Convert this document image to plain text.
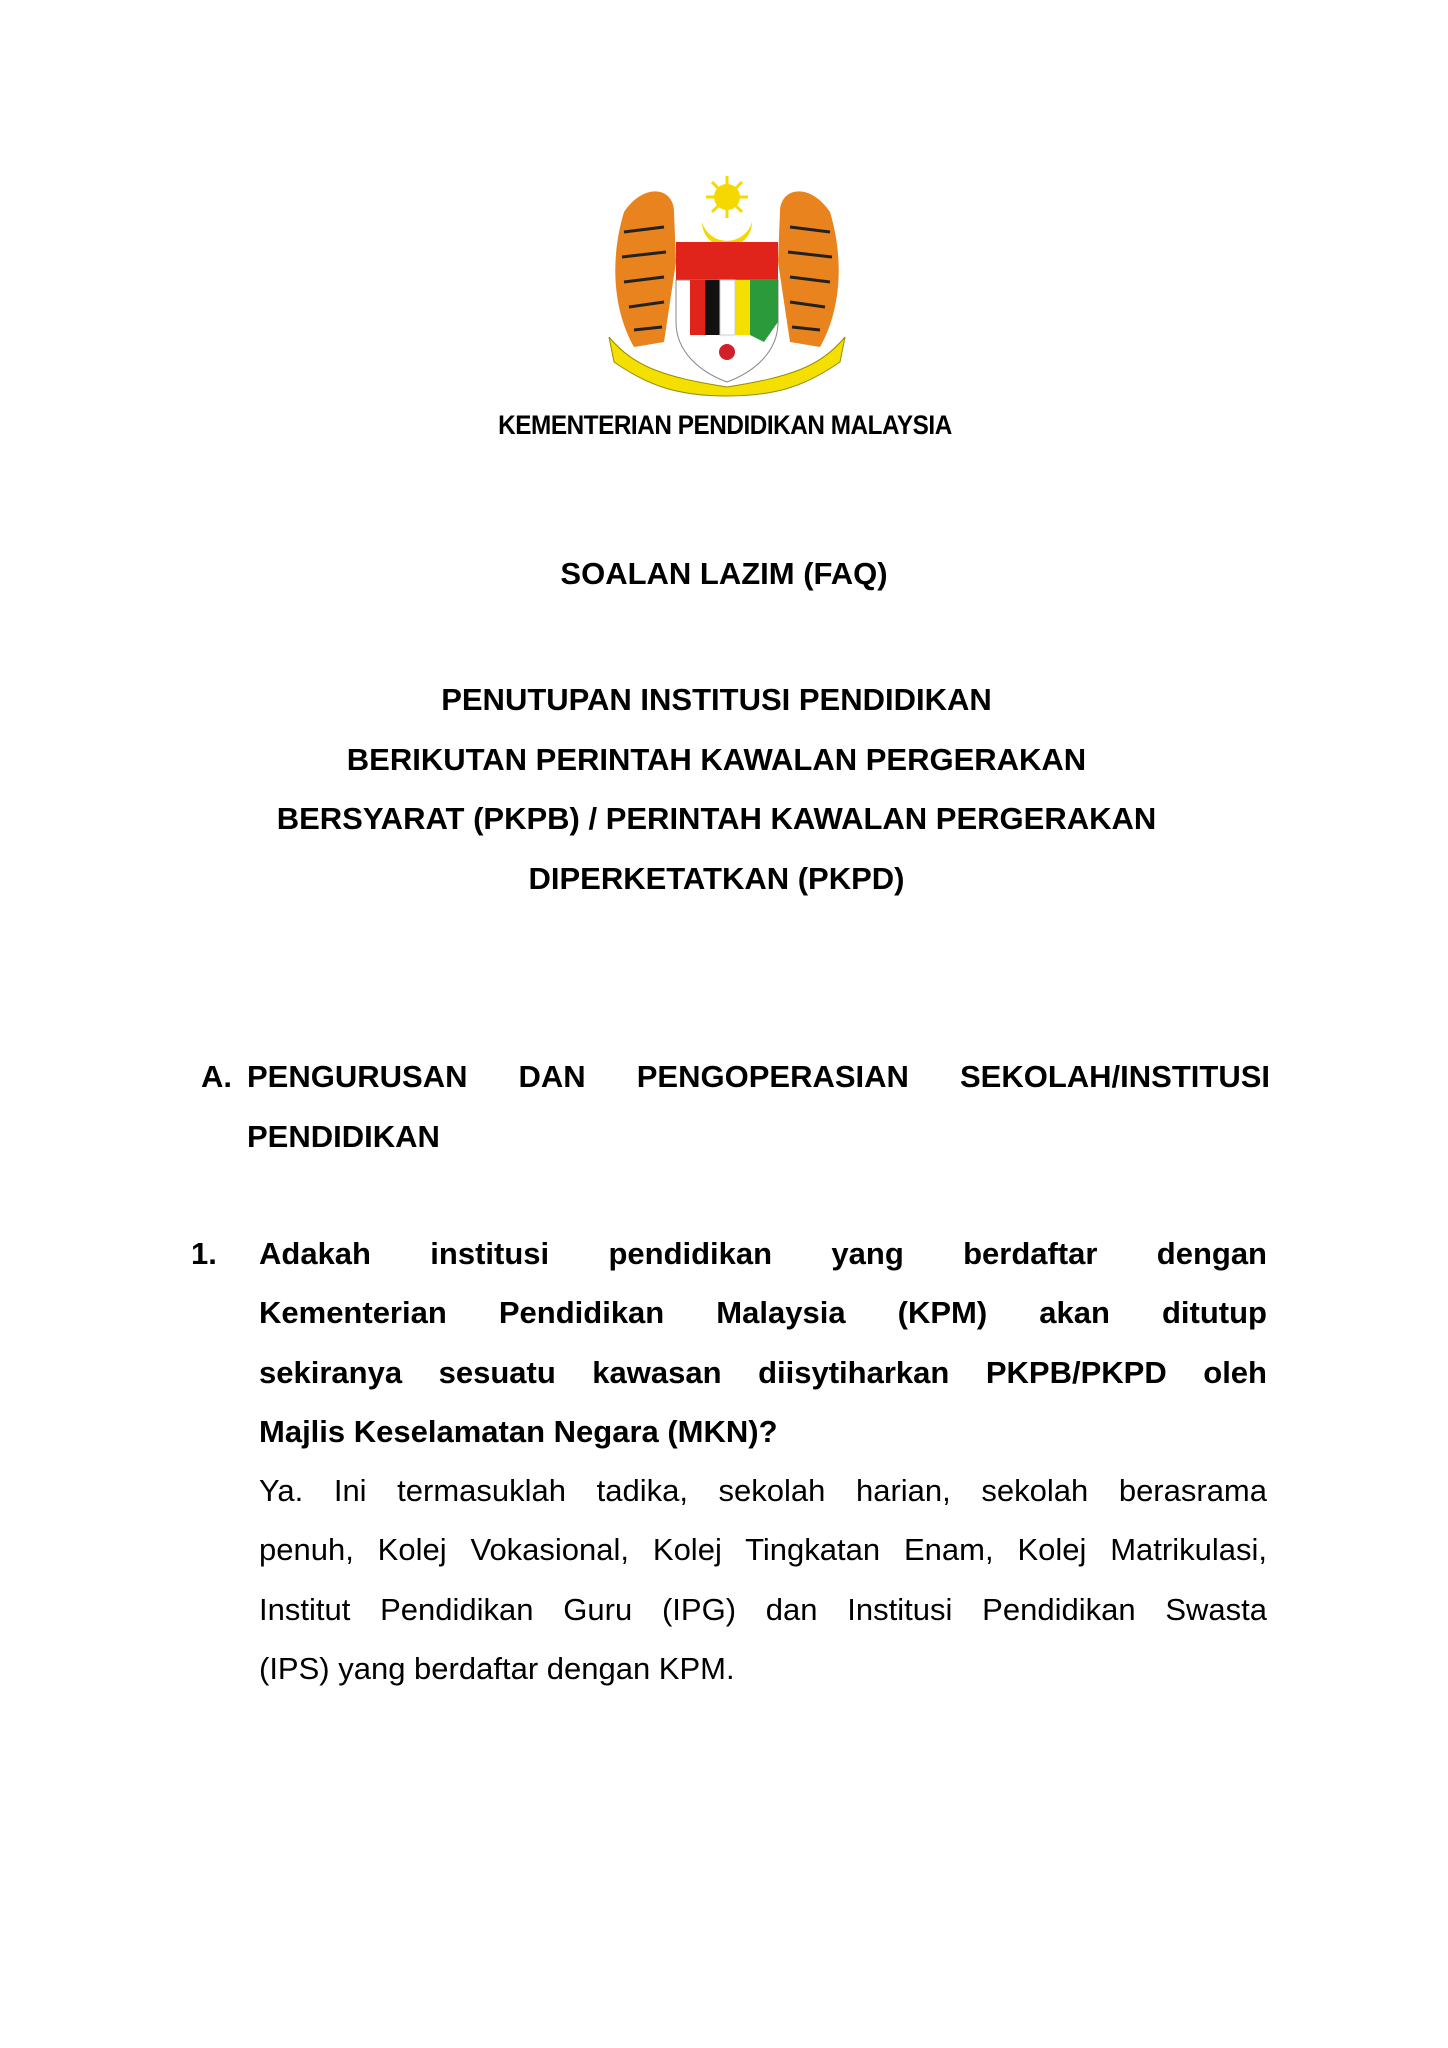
KEMENTERIAN PENDIDIKAN MALAYSIA
SOALAN LAZIM (FAQ)
PENUTUPAN INSTITUSI PENDIDIKAN
BERIKUTAN PERINTAH KAWALAN PERGERAKAN
BERSYARAT (PKPB) / PERINTAH KAWALAN PERGERAKAN
DIPERKETATKAN (PKPD)
A. PENGURUSAN DAN PENGOPERASIAN SEKOLAH/INSTITUSI
PENDIDIKAN
1. Adakah institusi pendidikan yang berdaftar dengan
Kementerian Pendidikan Malaysia (KPM) akan ditutup
sekiranya sesuatu kawasan diisytiharkan PKPB/PKPD oleh
Majlis Keselamatan Negara (MKN)?
Ya. Ini termasuklah tadika, sekolah harian, sekolah berasrama
penuh, Kolej Vokasional, Kolej Tingkatan Enam, Kolej Matrikulasi,
Institut Pendidikan Guru (IPG) dan Institusi Pendidikan Swasta
(IPS) yang berdaftar dengan KPM.
